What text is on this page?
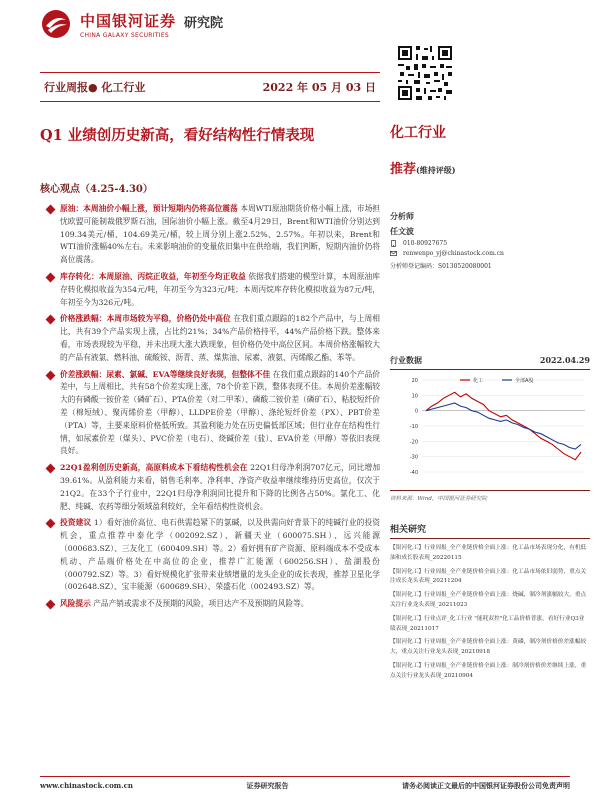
中国银河证券
CHINA GALAXY SECURITIES
研究院
行业周报● 化工行业	2022 年 05 月 03 日
Q1 业绩创历史新高，看好结构性行情表现
核心观点（4.25-4.30）
原油：本周油价小幅上涨，预计短期内仍将高位震荡 本周WTI原油期货价格小幅上涨，市场担忧欧盟可能制裁俄罗斯石油，国际油价小幅上涨。截至4月29日，Brent和WTI油价分别达到109.34美元/桶、104.69美元/桶，较上周分别上涨2.52%、2.57%。年初以来，Brent和WTI油价涨幅40%左右。未来影响油价的变量依旧集中在供给端，我们判断，短期内油价仍将高位震荡。
库存转化：本周原油、丙烷正收益，年初至今均正收益 依据我们搭建的模型计算，本周原油库存转化模拟收益为354元/吨，年初至今为323元/吨；本周丙烷库存转化模拟收益为87元/吨，年初至今为326元/吨。
价格涨跌幅：本周市场较为平稳，价格仍处中高位 在我们重点跟踪的182个产品中，与上周相比，共有39个产品实现上涨，占比约21%；34%产品价格持平，44%产品价格下跌。整体来看，市场表现较为平稳，并未出现大涨大跌现象，但价格仍处中高位区间。本周价格涨幅较大的产品有液氯、燃料油、硫酸铵、沥青、蒸、煤焦油、尿素、液氨、丙烯酸乙酯、苯等。
价差涨跌幅：尿素、氯碱、EVA等继续良好表现，但整体不佳 在我们重点跟踪的140个产品价差中，与上周相比，共有58个价差实现上涨，78个价差下跌，整体表现不佳。本周价差涨幅较大的有磷酸一铵价差（磷矿石）、PTA价差（对二甲苯）、磷酸二铵价差（磷矿石）、粘胶短纤价差（棉短绒）、聚丙烯价差（甲醇）、LLDPE价差（甲醇）、涤纶短纤价差（PX）、PBT价差（PTA）等，主要来原料价格低所致。其盈利能力处在历史偏低部区域；但行业存在结构性行情，如尿素价差（煤头）、PVC价差（电石）、烧碱价差（盐）、EVA价差（甲醇）等依旧表现良好。
22Q1盈利创历史新高，高原料成本下看结构性机会在 22Q1归母净利润707亿元，同比增加39.61%。从盈利能力来看，销售毛利率、净利率、净资产收益率继续维持历史高位，仅次于21Q2。在33个子行业中，22Q1归母净利润同比提升和下降的比例各占50%。氯化工、化肥、纯碱、农药等细分领域盈利较好，全年看结构性资机会。
投资建议 1）看好油价高位、电石供需趋紧下的氯碱，以及供需向好背景下的纯碱行业的投资机会，重点推荐中泰化学（002092.SZ）、新疆天业（600075.SH）、远兴能源（000683.SZ）、三友化工（600409.SH）等。2）看好拥有矿产资源、原料端成本不受成本机动、产品端价格处在中高位的企业，推荐广汇能源（600256.SH）、盐湖股份（000792.SZ）等。3）看好规模化扩张带来业绩增量的龙头企业的成长表现，推荐卫星化学（002648.SZ）、宝丰能源（600689.SH）、荣盛石化（002493.SZ）等。
风险提示 产品产销或需求不及预期的风险，项目达产不及预期的风险等。
化工行业
推荐(维持评级)
分析师
任文波
010-80927675
renwenpo_yj@chinastock.com.cn
分析师登记编码：S0130520080001
行业数据	2022.04.29
20
10
0
-10
-20
-30
-40
化工	全部A股
资料来源：Wind，中国银河证券研究院
相关研究
【银河化工】行业周报_全产业链价格全面上涨：化工品市场表现分化，有机低油和成长股表现_20220115
【银河化工】行业周报_全产业链价格全面上涨：化工品市场依旧弱势，重点关注成长龙头表现_20211204
【银河化工】行业周报_全产业链价格全面上涨：烧碱，制冷剂涨幅较大，重点关注行业龙头表现_20211023
【银河化工】行业点评_化工行业 "能耗双控"化工品价格普涨，看好行业Q3业绩表现_20211017
【银河化工】行业周报_全产业链价格全面上涨：黄磷，制冷剂价格价差涨幅较大，重点关注行业龙头表现_20210918
【银河化工】行业周报_全产业链价格全面上涨：制冷剂价格价差继续上涨，重点关注行业龙头表现_20210904
www.chinastock.com.cn	证券研究报告	请务必阅读正文最后的中国银河证券股份公司免责声明
